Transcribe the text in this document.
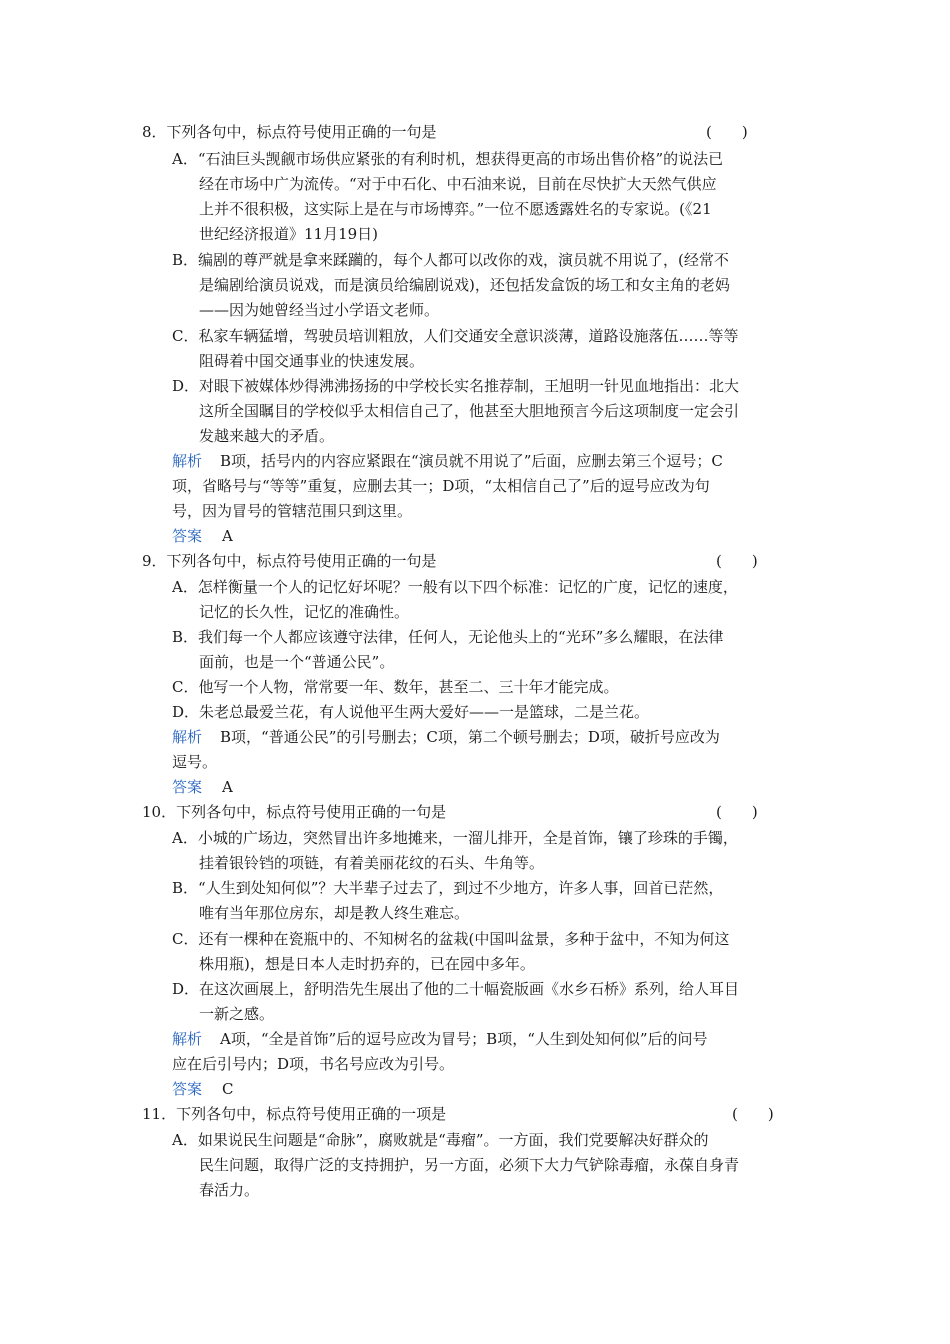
8．下列各句中，标点符号使用正确的一句是	(　　)
A．“石油巨头觊觎市场供应紧张的有利时机，想获得更高的市场出售价格”的说法已
经在市场中广为流传。“对于中石化、中石油来说，目前在尽快扩大天然气供应
上并不很积极，这实际上是在与市场博弈。”一位不愿透露姓名的专家说。(《21
世纪经济报道》11月19日)
B．编剧的尊严就是拿来蹂躏的，每个人都可以改你的戏，演员就不用说了，(经常不
是编剧给演员说戏，而是演员给编剧说戏)，还包括发盒饭的场工和女主角的老妈
——因为她曾经当过小学语文老师。
C．私家车辆猛增，驾驶员培训粗放，人们交通安全意识淡薄，道路设施落伍……等等
阻碍着中国交通事业的快速发展。
D．对眼下被媒体炒得沸沸扬扬的中学校长实名推荐制，王旭明一针见血地指出：北大
这所全国瞩目的学校似乎太相信自己了，他甚至大胆地预言今后这项制度一定会引
发越来越大的矛盾。
解析 B项，括号内的内容应紧跟在“演员就不用说了”后面，应删去第三个逗号；C
项，省略号与“等等”重复，应删去其一；D项，“太相信自己了”后的逗号应改为句
号，因为冒号的管辖范围只到这里。
答案 A
9．下列各句中，标点符号使用正确的一句是	(　　)
A．怎样衡量一个人的记忆好坏呢？一般有以下四个标准：记忆的广度，记忆的速度，
记忆的长久性，记忆的准确性。
B．我们每一个人都应该遵守法律，任何人，无论他头上的“光环”多么耀眼，在法律
面前，也是一个“普通公民”。
C．他写一个人物，常常要一年、数年，甚至二、三十年才能完成。
D．朱老总最爱兰花，有人说他平生两大爱好——一是篮球，二是兰花。
解析 B项，“普通公民”的引号删去；C项，第二个顿号删去；D项，破折号应改为
逗号。
答案 A
10．下列各句中，标点符号使用正确的一句是	(　　)
A．小城的广场边，突然冒出许多地摊来，一溜儿排开，全是首饰，镶了珍珠的手镯，
挂着银铃铛的项链，有着美丽花纹的石头、牛角等。
B．“人生到处知何似”？大半辈子过去了，到过不少地方，许多人事，回首已茫然，
唯有当年那位房东，却是教人终生难忘。
C．还有一棵种在瓷瓶中的、不知树名的盆栽(中国叫盆景，多种于盆中，不知为何这
株用瓶)，想是日本人走时扔弃的，已在园中多年。
D．在这次画展上，舒明浩先生展出了他的二十幅瓷版画《水乡石桥》系列，给人耳目
一新之感。
解析 A项，“全是首饰”后的逗号应改为冒号；B项，“人生到处知何似”后的问号
应在后引号内；D项，书名号应改为引号。
答案 C
11．下列各句中，标点符号使用正确的一项是	(　　)
A．如果说民生问题是“命脉”，腐败就是“毒瘤”。一方面，我们党要解决好群众的
民生问题，取得广泛的支持拥护，另一方面，必须下大力气铲除毒瘤，永葆自身青
春活力。
